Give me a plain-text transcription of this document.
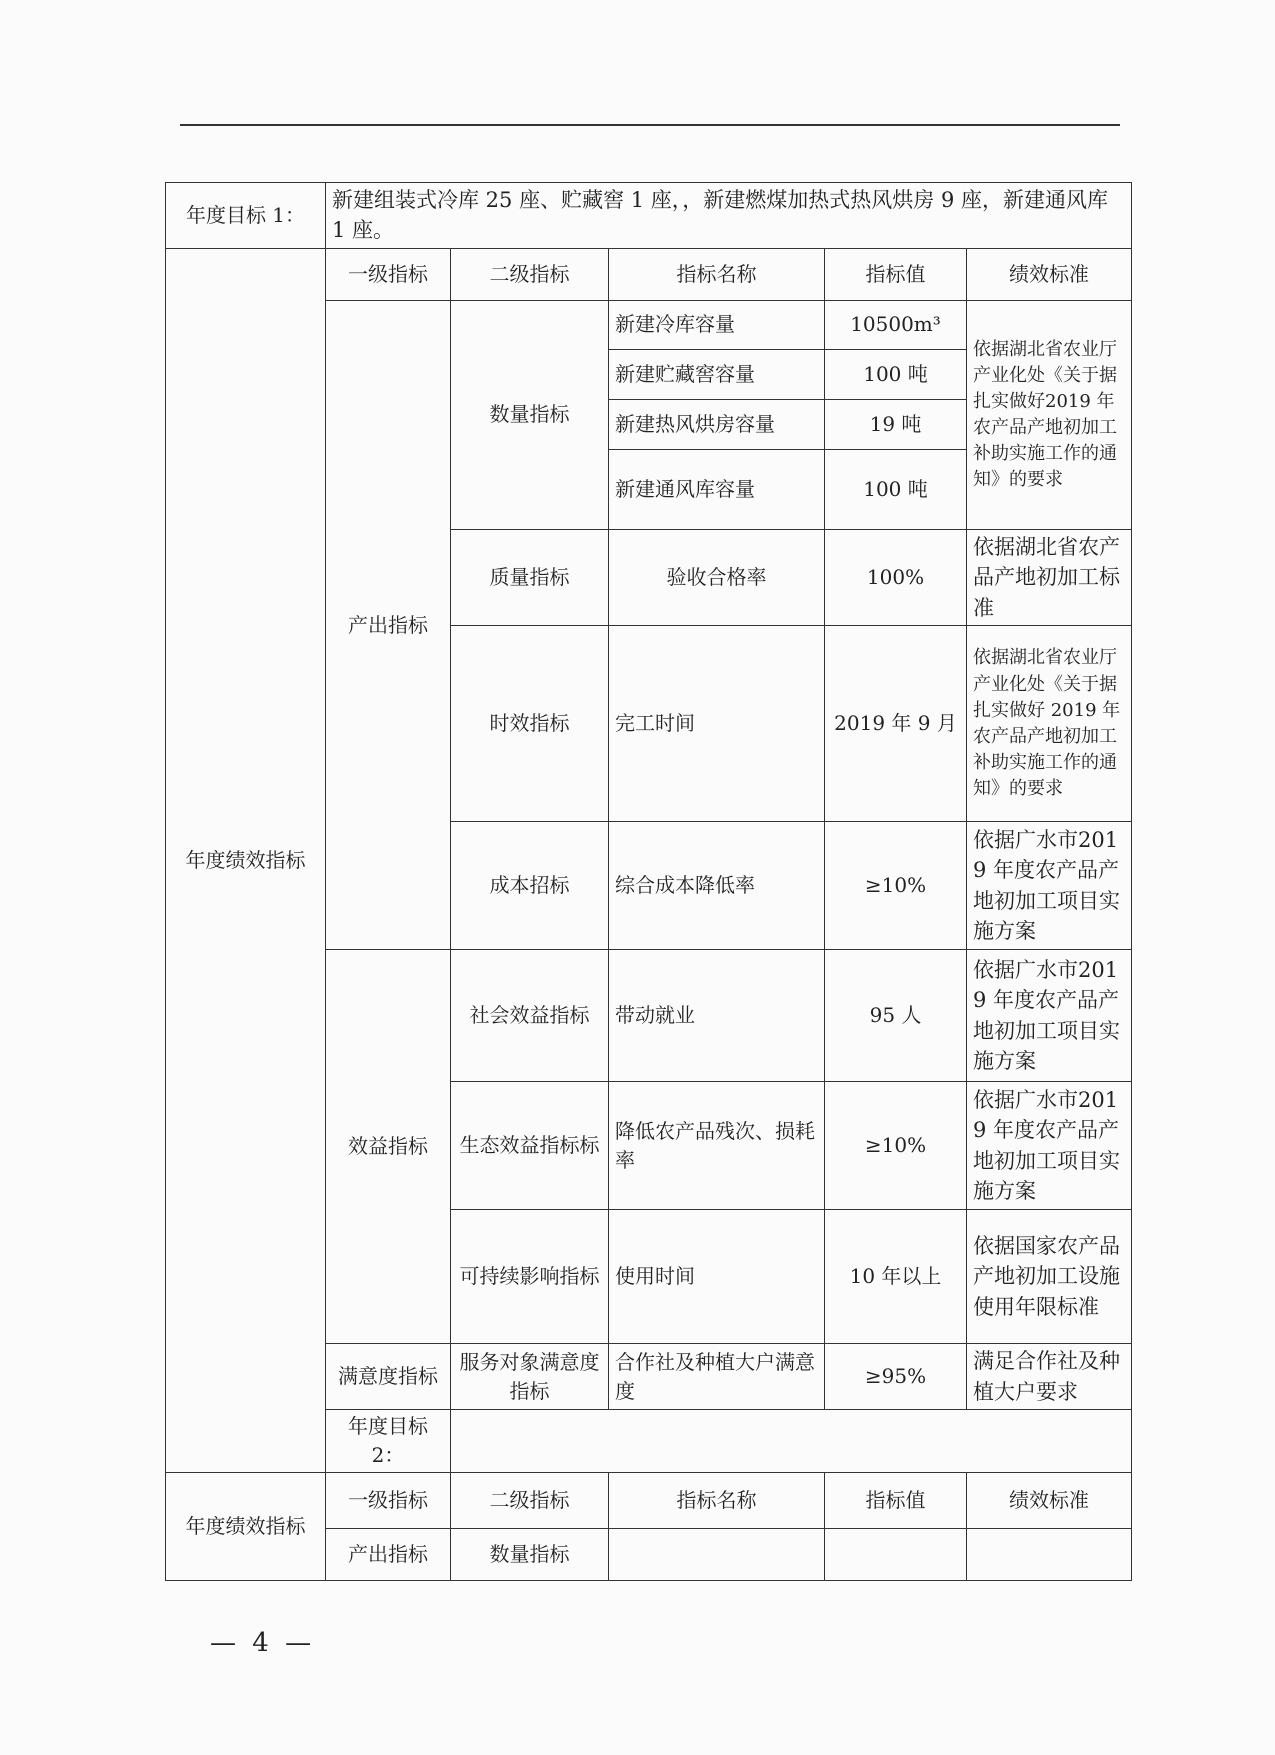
年度目标 1：	新建组装式冷库 25 座、贮藏窖 1 座，，新建燃煤加热式热风烘房 9 座，新建通风库 1 座。				
年度绩效指标	一级指标	二级指标	指标名称	指标值	绩效标准
	产出指标	数量指标	新建冷库容量	10500m³	依据湖北省农业厅产业化处《关于据扎实做好2019 年农产品产地初加工补助实施工作的通知》的要求
			新建贮藏窖容量	100 吨	
			新建热风烘房容量	19 吨	
			新建通风库容量	100 吨	
		质量指标	验收合格率	100%	依据湖北省农产品产地初加工标准
		时效指标	完工时间	2019 年 9 月	依据湖北省农业厅产业化处《关于据扎实做好 2019 年农产品产地初加工补助实施工作的通知》的要求
		成本招标	综合成本降低率	≥10%	依据广水市2019 年度农产品产地初加工项目实施方案
	效益指标	社会效益指标	带动就业	95 人	依据广水市2019 年度农产品产地初加工项目实施方案
		生态效益指标标	降低农产品残次、损耗率	≥10%	依据广水市2019 年度农产品产地初加工项目实施方案
		可持续影响指标	使用时间	10 年以上	依据国家农产品产地初加工设施使用年限标准
	满意度指标	服务对象满意度指标	合作社及种植大户满意度	≥95%	满足合作社及种植大户要求
	年度目标 2：				
年度绩效指标	一级指标	二级指标	指标名称	指标值	绩效标准
	产出指标	数量指标			
— 4 —
